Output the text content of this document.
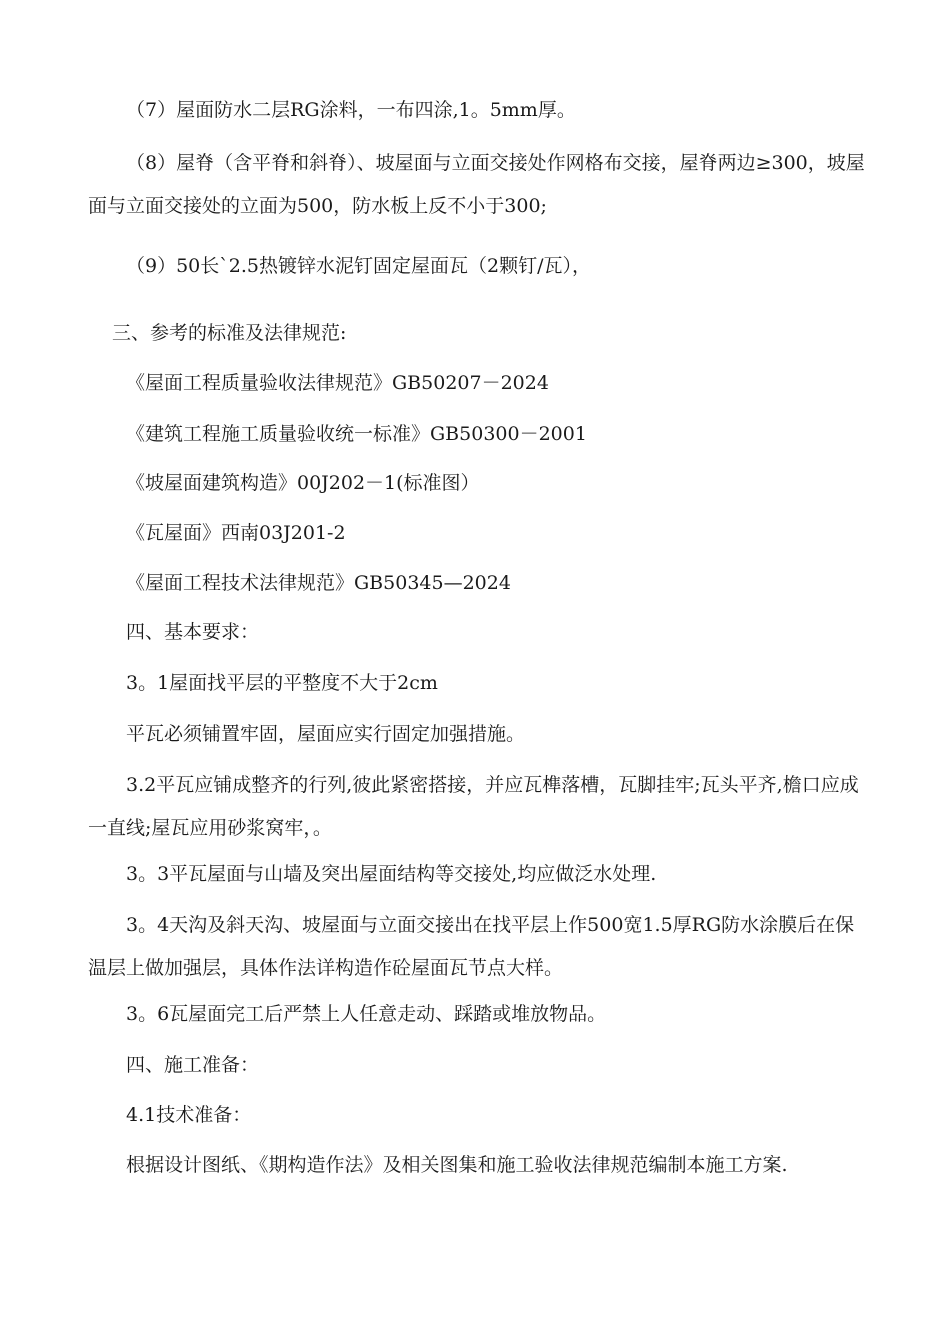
（7）屋面防水二层RG涂料，一布四涂,1。5mm厚。

（8）屋脊（含平脊和斜脊）、坡屋面与立面交接处作网格布交接，屋脊两边≥300，坡屋面与立面交接处的立面为500，防水板上反不小于300;

（9）50长`2.5热镀锌水泥钉固定屋面瓦（2颗钉/瓦），

三、参考的标准及法律规范:

《屋面工程质量验收法律规范》GB50207－2024

《建筑工程施工质量验收统一标准》GB50300－2001

《坡屋面建筑构造》00J202－1(标准图）

《瓦屋面》西南03J201-2

《屋面工程技术法律规范》GB50345—2024

四、基本要求：

3。1屋面找平层的平整度不大于2cm

平瓦必须铺置牢固，屋面应实行固定加强措施。

3.2平瓦应铺成整齐的行列,彼此紧密搭接，并应瓦榫落槽，瓦脚挂牢;瓦头平齐,檐口应成一直线;屋瓦应用砂浆窝牢，。

3。3平瓦屋面与山墙及突出屋面结构等交接处,均应做泛水处理.

3。4天沟及斜天沟、坡屋面与立面交接出在找平层上作500宽1.5厚RG防水涂膜后在保温层上做加强层，具体作法详构造作砼屋面瓦节点大样。

3。6瓦屋面完工后严禁上人任意走动、踩踏或堆放物品。

四、施工准备：

4.1技术准备：

根据设计图纸、《期构造作法》及相关图集和施工验收法律规范编制本施工方案.
